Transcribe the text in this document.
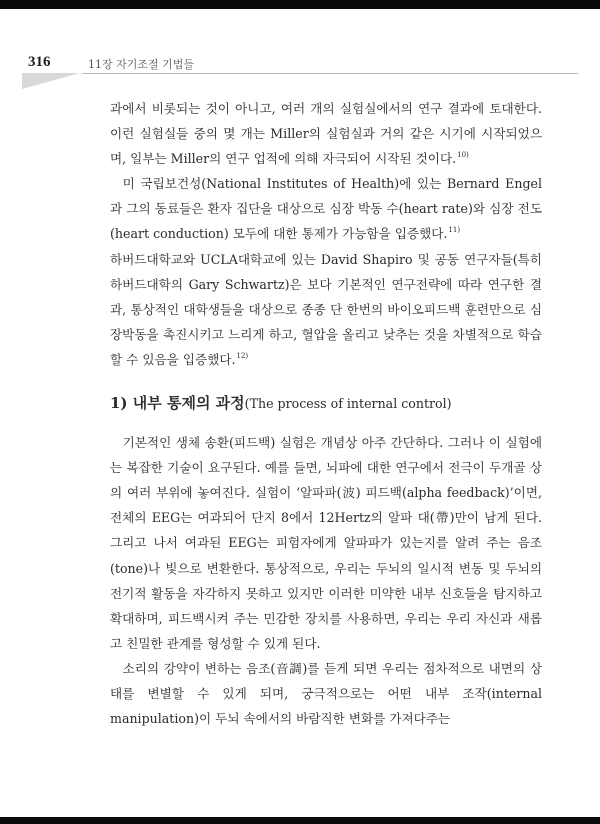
316	11장 자기조절 기법들

과에서 비롯되는 것이 아니고, 여러 개의 실험실에서의 연구 결과에 토대한다. 이런 실험실들 중의 몇 개는 Miller의 실험실과 거의 같은 시기에 시작되었으며, 일부는 Miller의 연구 업적에 의해 자극되어 시작된 것이다.$^{10)}$

미 국립보건성(National Institutes of Health)에 있는 Bernard Engel과 그의 동료들은 환자 집단을 대상으로 심장 박동 수(heart rate)와 심장 전도(heart conduction) 모두에 대한 통제가 가능함을 입증했다.$^{11)}$

하버드대학교와 UCLA대학교에 있는 David Shapiro 및 공동 연구자들(특히 하버드대학의 Gary Schwartz)은 보다 기본적인 연구전략에 따라 연구한 결과, 통상적인 대학생들을 대상으로 종종 단 한번의 바이오피드백 훈련만으로 심장박동을 촉진시키고 느리게 하고, 혈압을 올리고 낮추는 것을 차별적으로 학습할 수 있음을 입증했다.$^{12)}$

1) 내부 통제의 과정(The process of internal control)

기본적인 생체 송환(피드백) 실험은 개념상 아주 간단하다. 그러나 이 실험에는 복잡한 기술이 요구된다. 예를 들면, 뇌파에 대한 연구에서 전극이 두개골 상의 여러 부위에 놓여진다. 실험이 ‘알파파(波) 피드백(alpha feedback)’이면, 전체의 EEG는 여과되어 단지 8에서 12Hertz의 알파 대(帶)만이 남게 된다. 그리고 나서 여과된 EEG는 피험자에게 알파파가 있는지를 알려 주는 음조(tone)나 빛으로 변환한다. 통상적으로, 우리는 두뇌의 일시적 변동 및 두뇌의 전기적 활동을 자각하지 못하고 있지만 이러한 미약한 내부 신호들을 탐지하고 확대하며, 피드백시켜 주는 민감한 장치를 사용하면, 우리는 우리 자신과 새롭고 친밀한 관계를 형성할 수 있게 된다.

소리의 강약이 변하는 음조(音調)를 듣게 되면 우리는 점차적으로 내면의 상태를 변별할 수 있게 되며, 궁극적으로는 어떤 내부 조작(internal manipulation)이 두뇌 속에서의 바람직한 변화를 가져다주는
